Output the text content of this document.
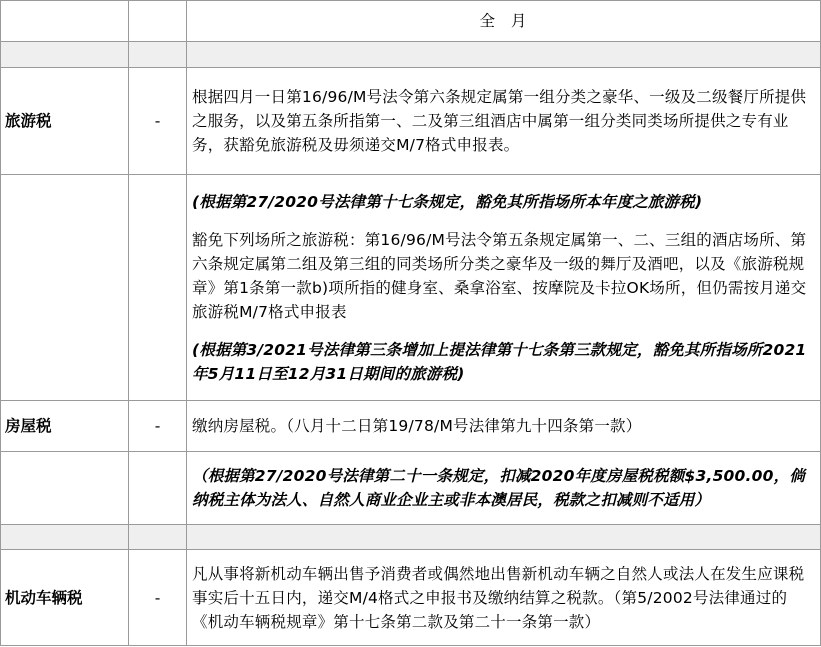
		全　月

旅游税	-	根据四月一日第16/96/M号法令第六条规定属第一组分类之豪华、一级及二级餐厅所提供之服务，以及第五条所指第一、二及第三组酒店中属第一组分类同类场所提供之专有业务，获豁免旅游税及毋须递交M/7格式申报表。

		(根据第27/2020号法律第十七条规定，豁免其所指场所本年度之旅游税)

豁免下列场所之旅游税：第16/96/M号法令第五条规定属第一、二、三组的酒店场所、第六条规定属第二组及第三组的同类场所分类之豪华及一级的舞厅及酒吧，以及《旅游税规章》第1条第一款b)项所指的健身室、桑拿浴室、按摩院及卡拉OK场所，但仍需按月递交旅游税M/7格式申报表

(根据第3/2021号法律第三条增加上提法律第十七条第三款规定，豁免其所指场所2021年5月11日至12月31日期间的旅游税)

房屋税	-	缴纳房屋税。（八月十二日第19/78/M号法律第九十四条第一款）
		（根据第27/2020号法律第二十一条规定，扣减2020年度房屋税税额$3,500.00，倘纳税主体为法人、自然人商业企业主或非本澳居民，税款之扣减则不适用）

机动车辆税	-	凡从事将新机动车辆出售予消费者或偶然地出售新机动车辆之自然人或法人在发生应课税事实后十五日内，递交M/4格式之申报书及缴纳结算之税款。（第5/2002号法律通过的《机动车辆税规章》第十七条第二款及第二十一条第一款）
